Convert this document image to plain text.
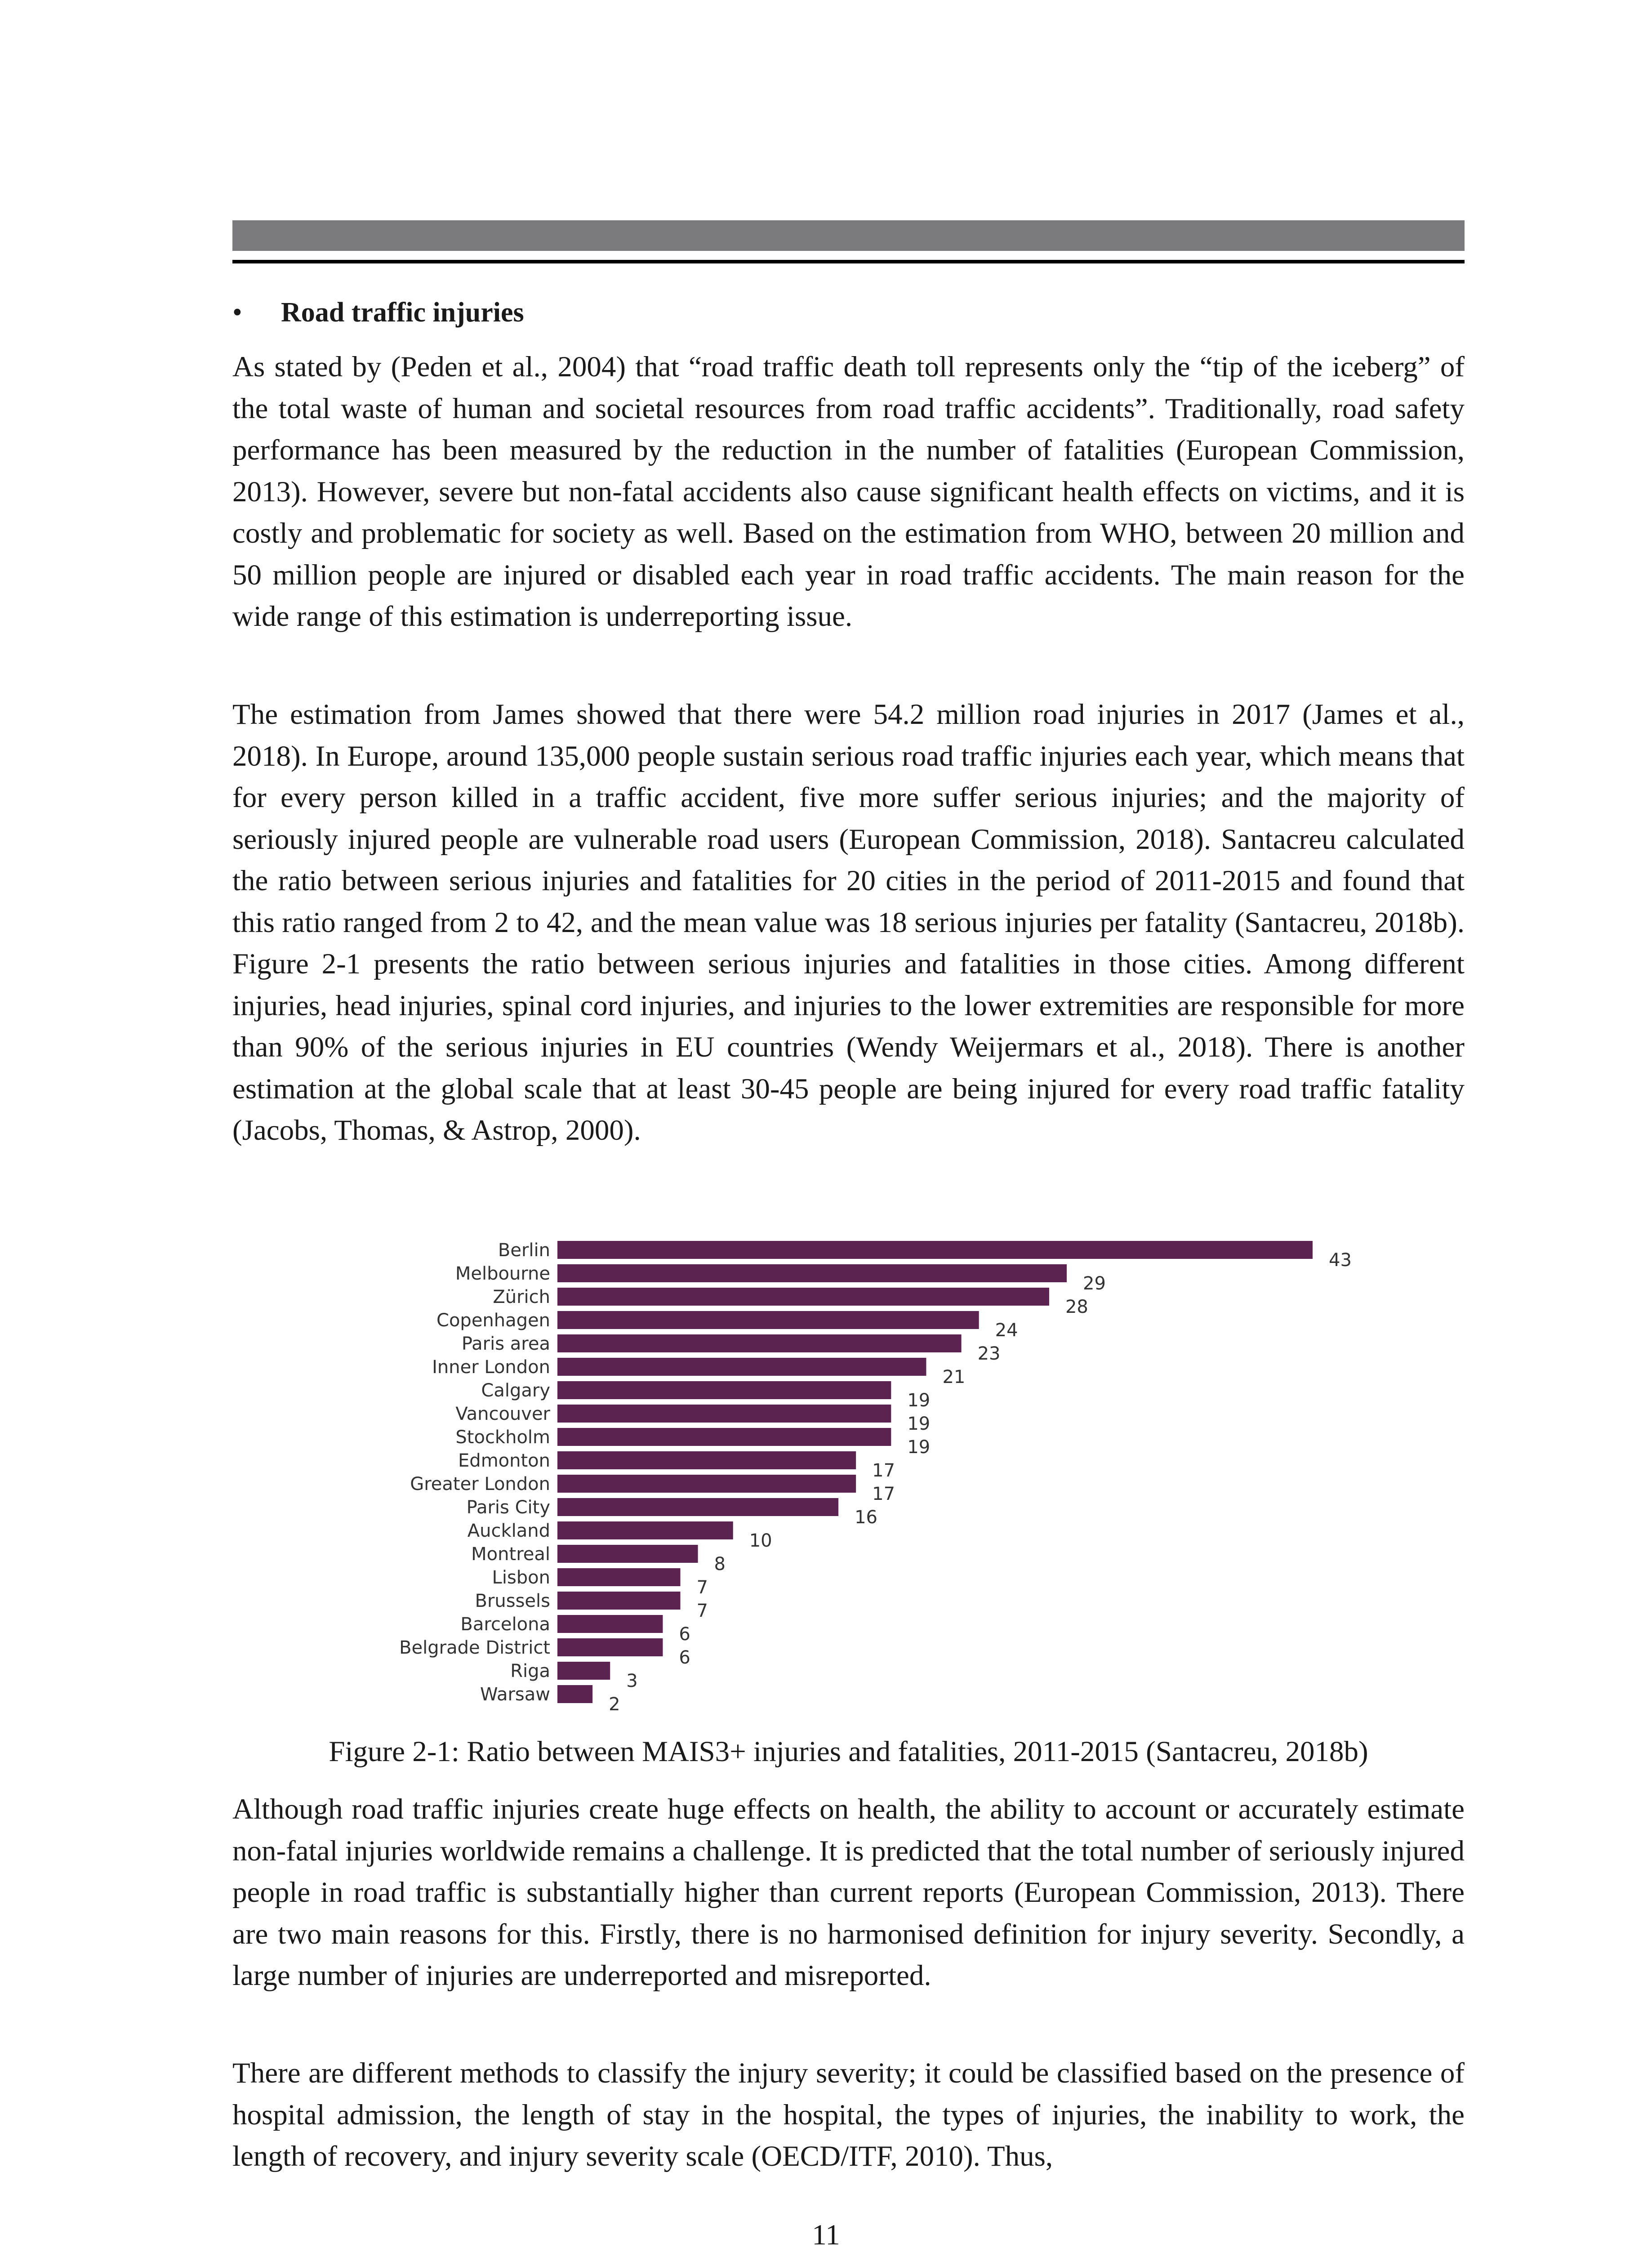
• Road traffic injuries

As stated by (Peden et al., 2004) that “road traffic death toll represents only the “tip of the iceberg” of the total waste of human and societal resources from road traffic accidents”. Traditionally, road safety performance has been measured by the reduction in the number of fatalities (European Commission, 2013). However, severe but non-fatal accidents also cause significant health effects on victims, and it is costly and problematic for society as well. Based on the estimation from WHO, between 20 million and 50 million people are injured or disabled each year in road traffic accidents. The main reason for the wide range of this estimation is underreporting issue.

The estimation from James showed that there were 54.2 million road injuries in 2017 (James et al., 2018). In Europe, around 135,000 people sustain serious road traffic injuries each year, which means that for every person killed in a traffic accident, five more suffer serious injuries; and the majority of seriously injured people are vulnerable road users (European Commission, 2018). Santacreu calculated the ratio between serious injuries and fatalities for 20 cities in the period of 2011-2015 and found that this ratio ranged from 2 to 42, and the mean value was 18 serious injuries per fatality (Santacreu, 2018b). Figure 2-1 presents the ratio between serious injuries and fatalities in those cities. Among different injuries, head injuries, spinal cord injuries, and injuries to the lower extremities are responsible for more than 90% of the serious injuries in EU countries (Wendy Weijermars et al., 2018). There is another estimation at the global scale that at least 30-45 people are being injured for every road traffic fatality (Jacobs, Thomas, & Astrop, 2000).

Berlin	43
Melbourne	29
Zürich	28
Copenhagen	24
Paris area	23
Inner London	21
Calgary	19
Vancouver	19
Stockholm	19
Edmonton	17
Greater London	17
Paris City	16
Auckland	10
Montreal	8
Lisbon	7
Brussels	7
Barcelona	6
Belgrade District	6
Riga	3
Warsaw	2

Figure 2-1: Ratio between MAIS3+ injuries and fatalities, 2011-2015 (Santacreu, 2018b)

Although road traffic injuries create huge effects on health, the ability to account or accurately estimate non-fatal injuries worldwide remains a challenge. It is predicted that the total number of seriously injured people in road traffic is substantially higher than current reports (European Commission, 2013). There are two main reasons for this. Firstly, there is no harmonised definition for injury severity. Secondly, a large number of injuries are underreported and misreported.

There are different methods to classify the injury severity; it could be classified based on the presence of hospital admission, the length of stay in the hospital, the types of injuries, the inability to work, the length of recovery, and injury severity scale (OECD/ITF, 2010). Thus,

11
